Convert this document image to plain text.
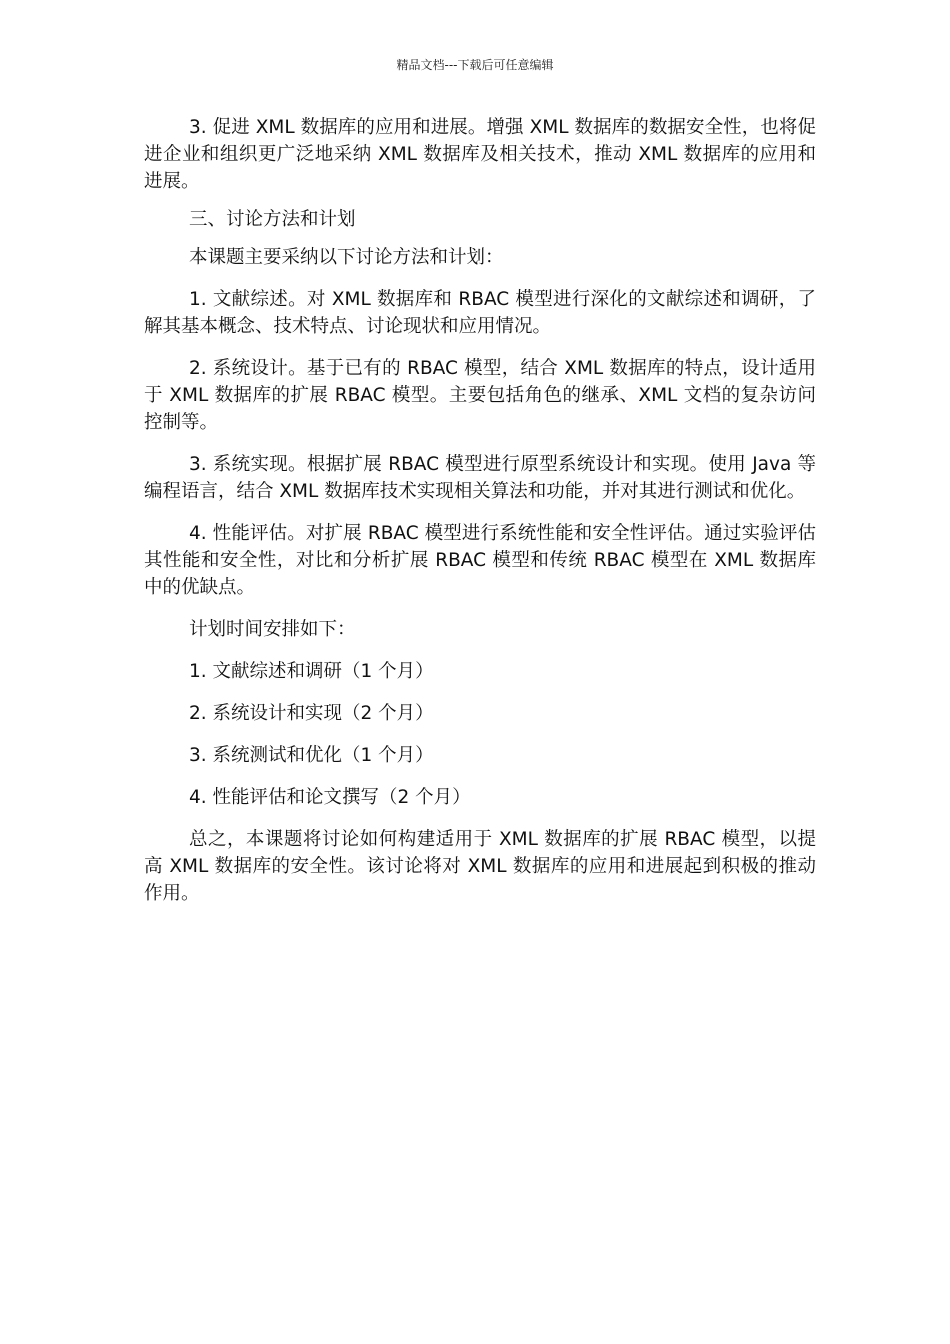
精品文档---下载后可任意编辑

3. 促进 XML 数据库的应用和进展。增强 XML 数据库的数据安全性，也将促进企业和组织更广泛地采纳 XML 数据库及相关技术，推动 XML 数据库的应用和进展。

三、讨论方法和计划

本课题主要采纳以下讨论方法和计划：

1. 文献综述。对 XML 数据库和 RBAC 模型进行深化的文献综述和调研，了解其基本概念、技术特点、讨论现状和应用情况。

2. 系统设计。基于已有的 RBAC 模型，结合 XML 数据库的特点，设计适用于 XML 数据库的扩展 RBAC 模型。主要包括角色的继承、XML 文档的复杂访问控制等。

3. 系统实现。根据扩展 RBAC 模型进行原型系统设计和实现。使用 Java 等编程语言，结合 XML 数据库技术实现相关算法和功能，并对其进行测试和优化。

4. 性能评估。对扩展 RBAC 模型进行系统性能和安全性评估。通过实验评估其性能和安全性，对比和分析扩展 RBAC 模型和传统 RBAC 模型在 XML 数据库中的优缺点。

计划时间安排如下：

1. 文献综述和调研（1 个月）

2. 系统设计和实现（2 个月）

3. 系统测试和优化（1 个月）

4. 性能评估和论文撰写（2 个月）

总之，本课题将讨论如何构建适用于 XML 数据库的扩展 RBAC 模型，以提高 XML 数据库的安全性。该讨论将对 XML 数据库的应用和进展起到积极的推动作用。
